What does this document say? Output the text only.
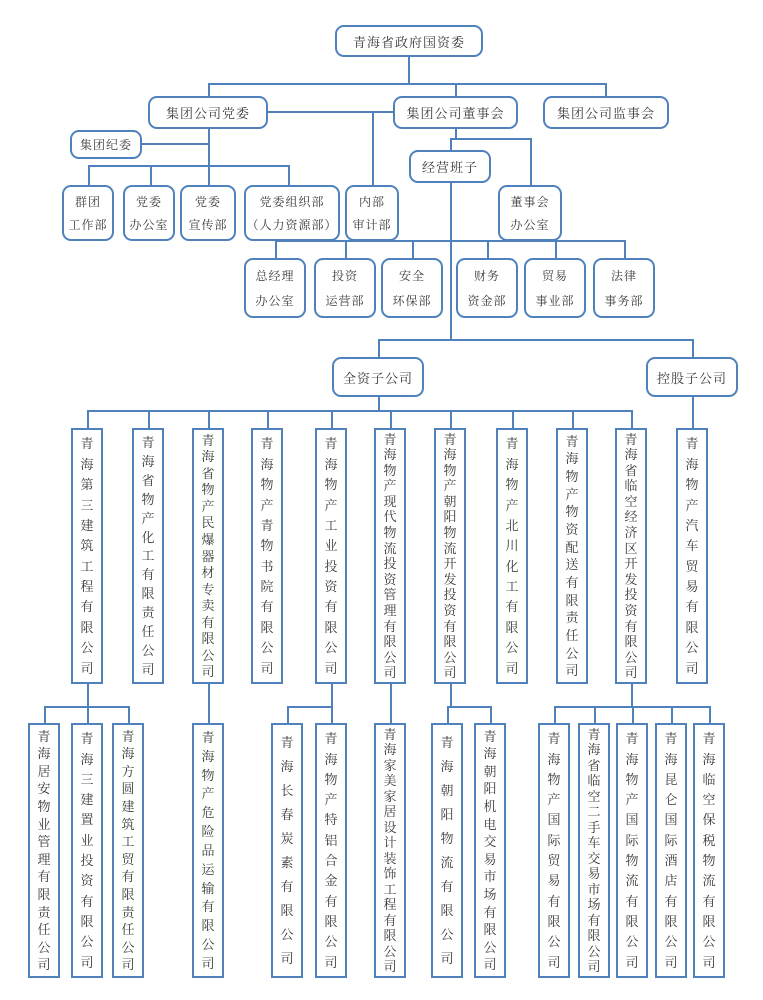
青海省政府国资委
集团公司党委	集团公司董事会	集团公司监事会
集团纪委
经营班子
群团
工作部
党委
办公室
党委
宣传部
党委组织部
（人力资源部）
内部
审计部
董事会
办公室
总经理
办公室
投资
运营部
安全
环保部
财务
资金部
贸易
事业部
法律
事务部
全资子公司	控股子公司
青
海
第
三
建
筑
工
程
有
限
公
司
青
海
省
物
产
化
工
有
限
责
任
公
司
青
海
省
物
产
民
爆
器
材
专
卖
有
限
公
司
青
海
物
产
青
物
书
院
有
限
公
司
青
海
物
产
工
业
投
资
有
限
公
司
青
海
物
产
现
代
物
流
投
资
管
理
有
限
公
司
青
海
物
产
朝
阳
物
流
开
发
投
资
有
限
公
司
青
海
物
产
北
川
化
工
有
限
公
司
青
海
物
产
物
资
配
送
有
限
责
任
公
司
青
海
省
临
空
经
济
区
开
发
投
资
有
限
公
司
青
海
物
产
汽
车
贸
易
有
限
公
司
青
海
居
安
物
业
管
理
有
限
责
任
公
司
青
海
三
建
置
业
投
资
有
限
公
司
青
海
方
圆
建
筑
工
贸
有
限
责
任
公
司
青
海
物
产
危
险
品
运
输
有
限
公
司
青
海
长
春
炭
素
有
限
公
司
青
海
物
产
特
铝
合
金
有
限
公
司
青
海
家
美
家
居
设
计
装
饰
工
程
有
限
公
司
青
海
朝
阳
物
流
有
限
公
司
青
海
朝
阳
机
电
交
易
市
场
有
限
公
司
青
海
物
产
国
际
贸
易
有
限
公
司
青
海
省
临
空
二
手
车
交
易
市
场
有
限
公
司
青
海
物
产
国
际
物
流
有
限
公
司
青
海
昆
仑
国
际
酒
店
有
限
公
司
青
海
临
空
保
税
物
流
有
限
公
司
